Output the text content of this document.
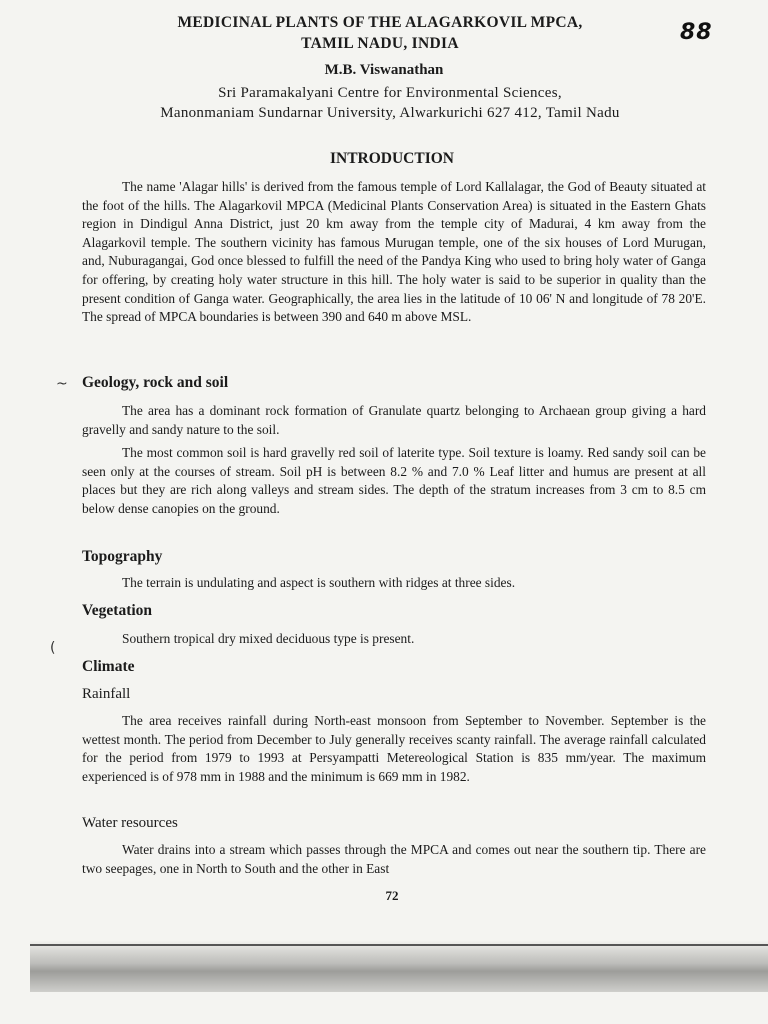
88
MEDICINAL PLANTS OF THE ALAGARKOVIL MPCA,
TAMIL NADU, INDIA
M.B. Viswanathan
Sri Paramakalyani Centre for Environmental Sciences,
Manonmaniam Sundarnar University, Alwarkurichi 627 412, Tamil Nadu
INTRODUCTION
The name 'Alagar hills' is derived from the famous temple of Lord Kallalagar, the God of Beauty situated at the foot of the hills. The Alagarkovil MPCA (Medicinal Plants Conservation Area) is situated in the Eastern Ghats region in Dindigul Anna District, just 20 km away from the temple city of Madurai, 4 km away from the Alagarkovil temple. The southern vicinity has famous Murugan temple, one of the six houses of Lord Murugan, and, Nuburagangai, God once blessed to fulfill the need of the Pandya King who used to bring holy water of Ganga for offering, by creating holy water structure in this hill. The holy water is said to be superior in quality than the present condition of Ganga water. Geographically, the area lies in the latitude of 10 06' N and longitude of 78 20'E. The spread of MPCA boundaries is between 390 and 640 m above MSL.
Geology, rock and soil
The area has a dominant rock formation of Granulate quartz belonging to Archaean group giving a hard gravelly and sandy nature to the soil.
The most common soil is hard gravelly red soil of laterite type. Soil texture is loamy. Red sandy soil can be seen only at the courses of stream. Soil pH is between 8.2 % and 7.0 % Leaf litter and humus are present at all places but they are rich along valleys and stream sides. The depth of the stratum increases from 3 cm to 8.5 cm below dense canopies on the ground.
Topography
The terrain is undulating and aspect is southern with ridges at three sides.
Vegetation
Southern tropical dry mixed deciduous type is present.
Climate
Rainfall
The area receives rainfall during North-east monsoon from September to November. September is the wettest month. The period from December to July generally receives scanty rainfall. The average rainfall calculated for the period from 1979 to 1993 at Persyampatti Metereological Station is 835 mm/year. The maximum experienced is of 978 mm in 1988 and the minimum is 669 mm in 1982.
Water resources
Water drains into a stream which passes through the MPCA and comes out near the southern tip. There are two seepages, one in North to South and the other in East
72
~
(
